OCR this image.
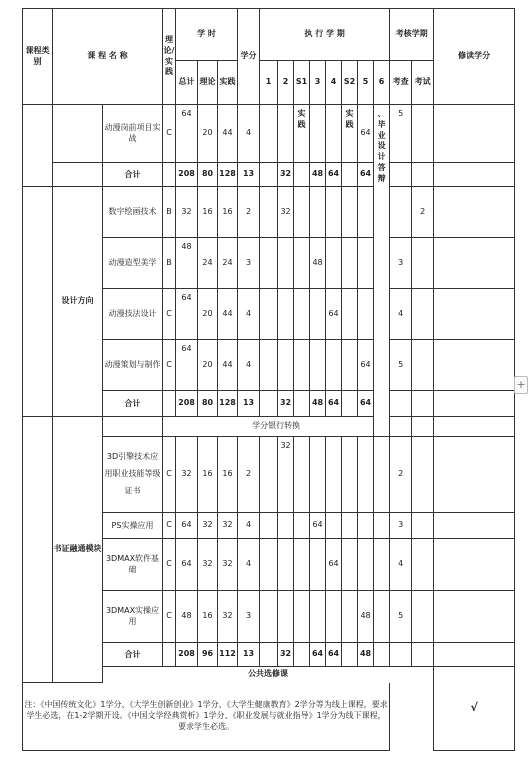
课程类别	课 程 名 称		理论/实践	学 时			学分	执 行 学 期								考核学期		修读学分	
				总计	理论	实践		1	2	S1	3	4	S2	5	6	考查	考试		
		动漫岗前项目实战	C	64	20	44	4			实践			实践	64	、毕业设计答辩	5			
		合计		208	80	128	13		32		48	64		64					
	设计方向	数字绘画技术	B	32	16	16	2		32								2		
		动漫造型美学	B	48	24	24	3				48					3			
		动漫技法设计	C	64	20	44	4					64				4			
		动漫策划与制作	C	64	20	44	4							64		5			
		合计		208	80	128	13		32		48	64		64					
	书证融通模块		学分银行转换																
		3D引擎技术应用职业技能等级证书	C	32	16	16	2		32							2			
		PS实操应用	C	64	32	32	4				64					3			
		3DMAX软件基础	C	64	32	32	4					64				4			
		3DMAX实操应用	C	48	16	32	3							48		5			
		合计		208	96	112	13		32		64	64		48					
		公共选修课																√		
注：《中国传统文化》1学分、《大学生创新创业》1学分、《大学生健康教育》2学分等为线上课程，要求学生必选，在1-2学期开设。《中国文学经典赏析》1学分、《职业发展与就业指导》1学分为线下课程，要求学生必选。																			
+
